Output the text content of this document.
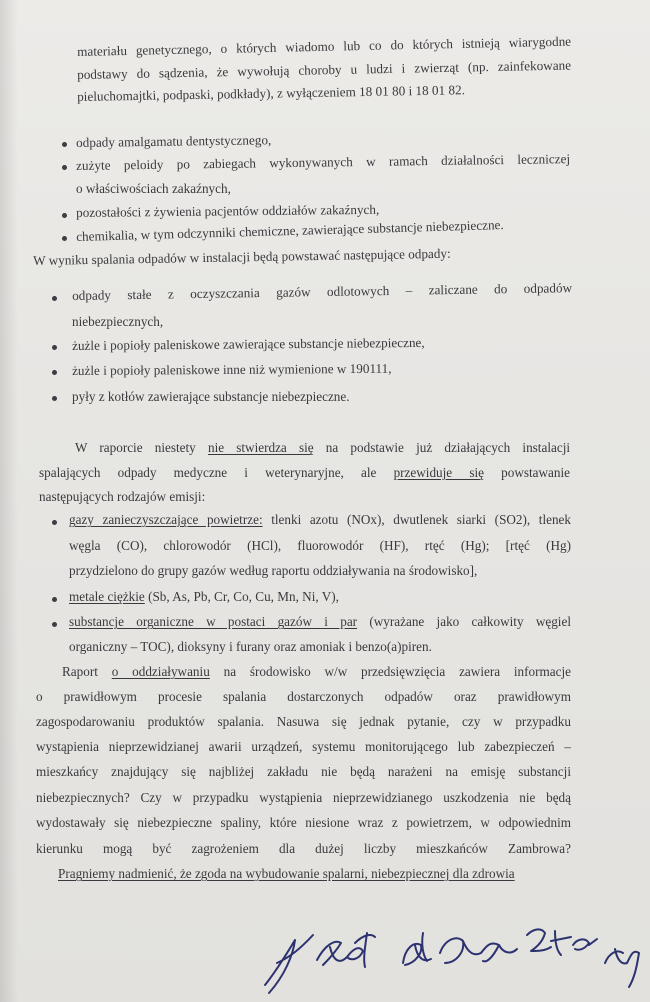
materiału genetycznego, o których wiadomo lub co do których istnieją wiarygodne
podstawy do sądzenia, że wywołują choroby u ludzi i zwierząt (np. zainfekowane
pieluchomajtki, podpaski, podkłady), z wyłączeniem 18 01 80 i 18 01 82.
odpady amalgamatu dentystycznego,
zużyte peloidy po zabiegach wykonywanych w ramach działalności leczniczej
o właściwościach zakaźnych,
pozostałości z żywienia pacjentów oddziałów zakaźnych,
chemikalia, w tym odczynniki chemiczne, zawierające substancje niebezpieczne.
W wyniku spalania odpadów w instalacji będą powstawać następujące odpady:
odpady stałe z oczyszczania gazów odlotowych – zaliczane do odpadów
niebezpiecznych,
żużle i popioły paleniskowe zawierające substancje niebezpieczne,
żużle i popioły paleniskowe inne niż wymienione w 190111,
pyły z kotłów zawierające substancje niebezpieczne.
W raporcie niestety nie stwierdza się na podstawie już działających instalacji
spalających odpady medyczne i weterynaryjne, ale przewiduje się powstawanie
następujących rodzajów emisji:
gazy zanieczyszczające powietrze: tlenki azotu (NOx), dwutlenek siarki (SO2), tlenek
węgla (CO), chlorowodór (HCl), fluorowodór (HF), rtęć (Hg); [rtęć (Hg)
przydzielono do grupy gazów według raportu oddziaływania na środowisko],
metale ciężkie (Sb, As, Pb, Cr, Co, Cu, Mn, Ni, V),
substancje organiczne w postaci gazów i par (wyrażane jako całkowity węgiel
organiczny – TOC), dioksyny i furany oraz amoniak i benzo(a)piren.
Raport o oddziaływaniu na środowisko w/w przedsięwzięcia zawiera informacje
o prawidłowym procesie spalania dostarczonych odpadów oraz prawidłowym
zagospodarowaniu produktów spalania. Nasuwa się jednak pytanie, czy w przypadku
wystąpienia nieprzewidzianej awarii urządzeń, systemu monitorującego lub zabezpieczeń –
mieszkańcy znajdujący się najbliżej zakładu nie będą narażeni na emisję substancji
niebezpiecznych? Czy w przypadku wystąpienia nieprzewidzianego uszkodzenia nie będą
wydostawały się niebezpieczne spaliny, które niesione wraz z powietrzem, w odpowiednim
kierunku mogą być zagrożeniem dla dużej liczby mieszkańców Zambrowa?
Pragniemy nadmienić, że zgoda na wybudowanie spalarni, niebezpiecznej dla zdrowia
